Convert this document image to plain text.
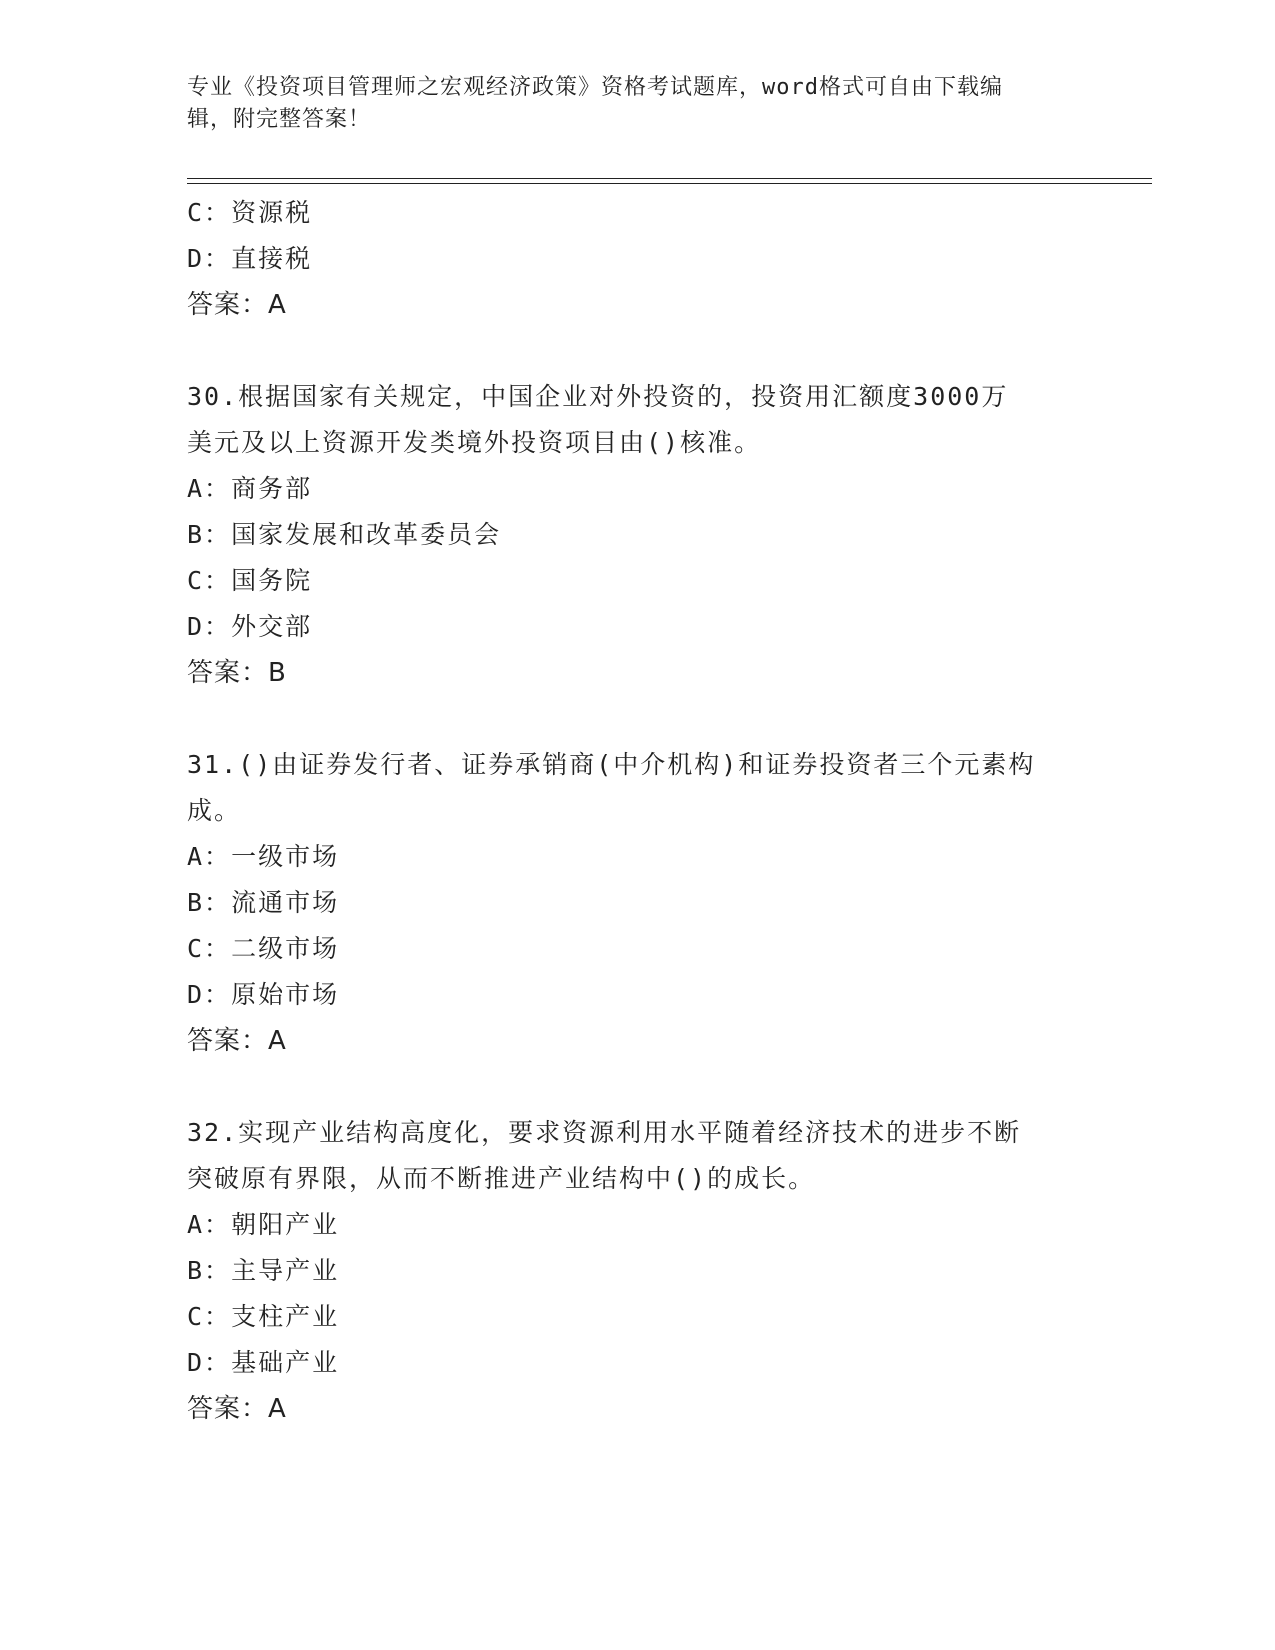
专业《投资项目管理师之宏观经济政策》资格考试题库，word格式可自由下载编
辑，附完整答案！
C：资源税
D：直接税
答案：A
30.根据国家有关规定，中国企业对外投资的，投资用汇额度3000万
美元及以上资源开发类境外投资项目由()核准。
A：商务部
B：国家发展和改革委员会
C：国务院
D：外交部
答案：B
31.()由证券发行者、证券承销商(中介机构)和证券投资者三个元素构
成。
A：一级市场
B：流通市场
C：二级市场
D：原始市场
答案：A
32.实现产业结构高度化，要求资源利用水平随着经济技术的进步不断
突破原有界限，从而不断推进产业结构中()的成长。
A：朝阳产业
B：主导产业
C：支柱产业
D：基础产业
答案：A
